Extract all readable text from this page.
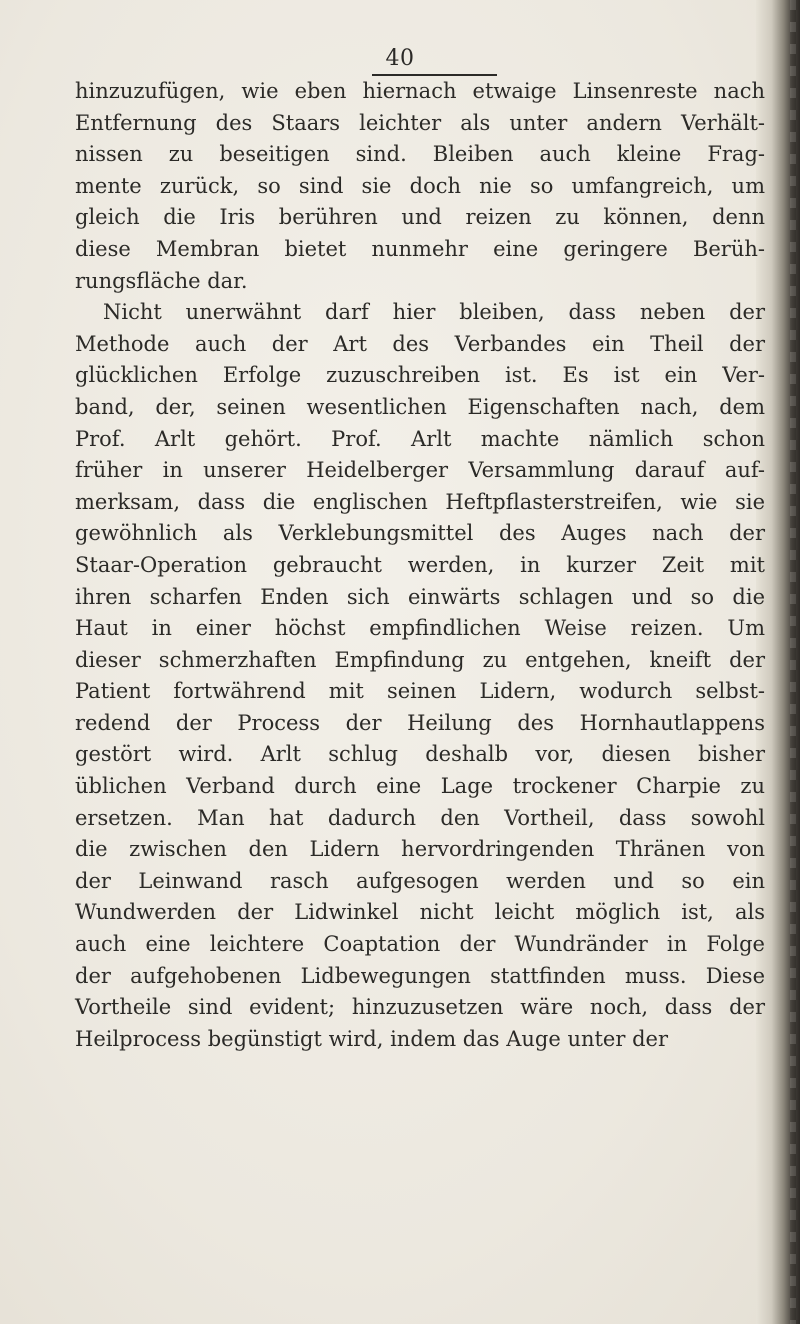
40
hinzuzufügen, wie eben hiernach etwaige Linsenreste nach
Entfernung des Staars leichter als unter andern Verhält-
nissen zu beseitigen sind. Bleiben auch kleine Frag-
mente zurück, so sind sie doch nie so umfangreich, um
gleich die Iris berühren und reizen zu können, denn
diese Membran bietet nunmehr eine geringere Berüh-
rungsfläche dar.
Nicht unerwähnt darf hier bleiben, dass neben der
Methode auch der Art des Verbandes ein Theil der
glücklichen Erfolge zuzuschreiben ist. Es ist ein Ver-
band, der, seinen wesentlichen Eigenschaften nach, dem
Prof. Arlt gehört. Prof. Arlt machte nämlich schon
früher in unserer Heidelberger Versammlung darauf auf-
merksam, dass die englischen Heftpflasterstreifen, wie sie
gewöhnlich als Verklebungsmittel des Auges nach der
Staar-Operation gebraucht werden, in kurzer Zeit mit
ihren scharfen Enden sich einwärts schlagen und so die
Haut in einer höchst empfindlichen Weise reizen. Um
dieser schmerzhaften Empfindung zu entgehen, kneift der
Patient fortwährend mit seinen Lidern, wodurch selbst-
redend der Process der Heilung des Hornhautlappens
gestört wird. Arlt schlug deshalb vor, diesen bisher
üblichen Verband durch eine Lage trockener Charpie zu
ersetzen. Man hat dadurch den Vortheil, dass sowohl
die zwischen den Lidern hervordringenden Thränen von
der Leinwand rasch aufgesogen werden und so ein
Wundwerden der Lidwinkel nicht leicht möglich ist, als
auch eine leichtere Coaptation der Wundränder in Folge
der aufgehobenen Lidbewegungen stattfinden muss. Diese
Vortheile sind evident; hinzuzusetzen wäre noch, dass der
Heilprocess begünstigt wird, indem das Auge unter der
